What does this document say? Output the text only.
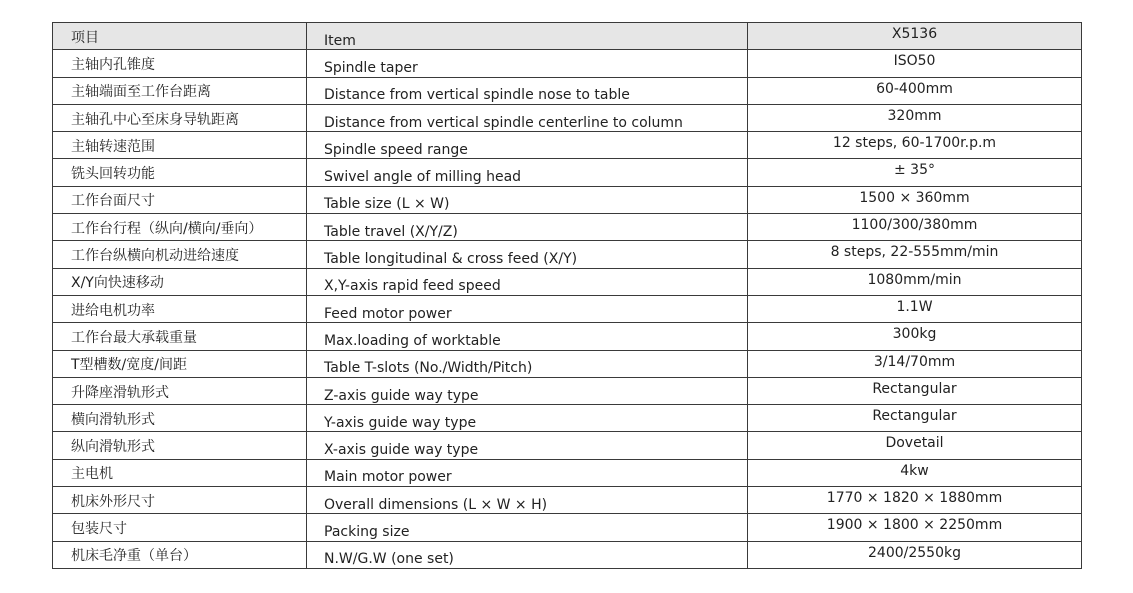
项目	Item	X5136
主轴内孔锥度	Spindle taper	ISO50
主轴端面至工作台距离	Distance from vertical spindle nose to table	60-400mm
主轴孔中心至床身导轨距离	Distance from vertical spindle centerline to column	320mm
主轴转速范围	Spindle speed range	12 steps, 60-1700r.p.m
铣头回转功能	Swivel angle of milling head	± 35°
工作台面尺寸	Table size (L × W)	1500 × 360mm
工作台行程（纵向/横向/垂向）	Table travel (X/Y/Z)	1100/300/380mm
工作台纵横向机动进给速度	Table longitudinal & cross feed (X/Y)	8 steps, 22-555mm/min
X/Y向快速移动	X,Y-axis rapid feed speed	1080mm/min
进给电机功率	Feed motor power	1.1W
工作台最大承载重量	Max.loading of worktable	300kg
T型槽数/宽度/间距	Table T-slots (No./Width/Pitch)	3/14/70mm
升降座滑轨形式	Z-axis guide way type	Rectangular
横向滑轨形式	Y-axis guide way type	Rectangular
纵向滑轨形式	X-axis guide way type	Dovetail
主电机	Main motor power	4kw
机床外形尺寸	Overall dimensions (L × W × H)	1770 × 1820 × 1880mm
包装尺寸	Packing size	1900 × 1800 × 2250mm
机床毛净重（单台）	N.W/G.W (one set)	2400/2550kg
